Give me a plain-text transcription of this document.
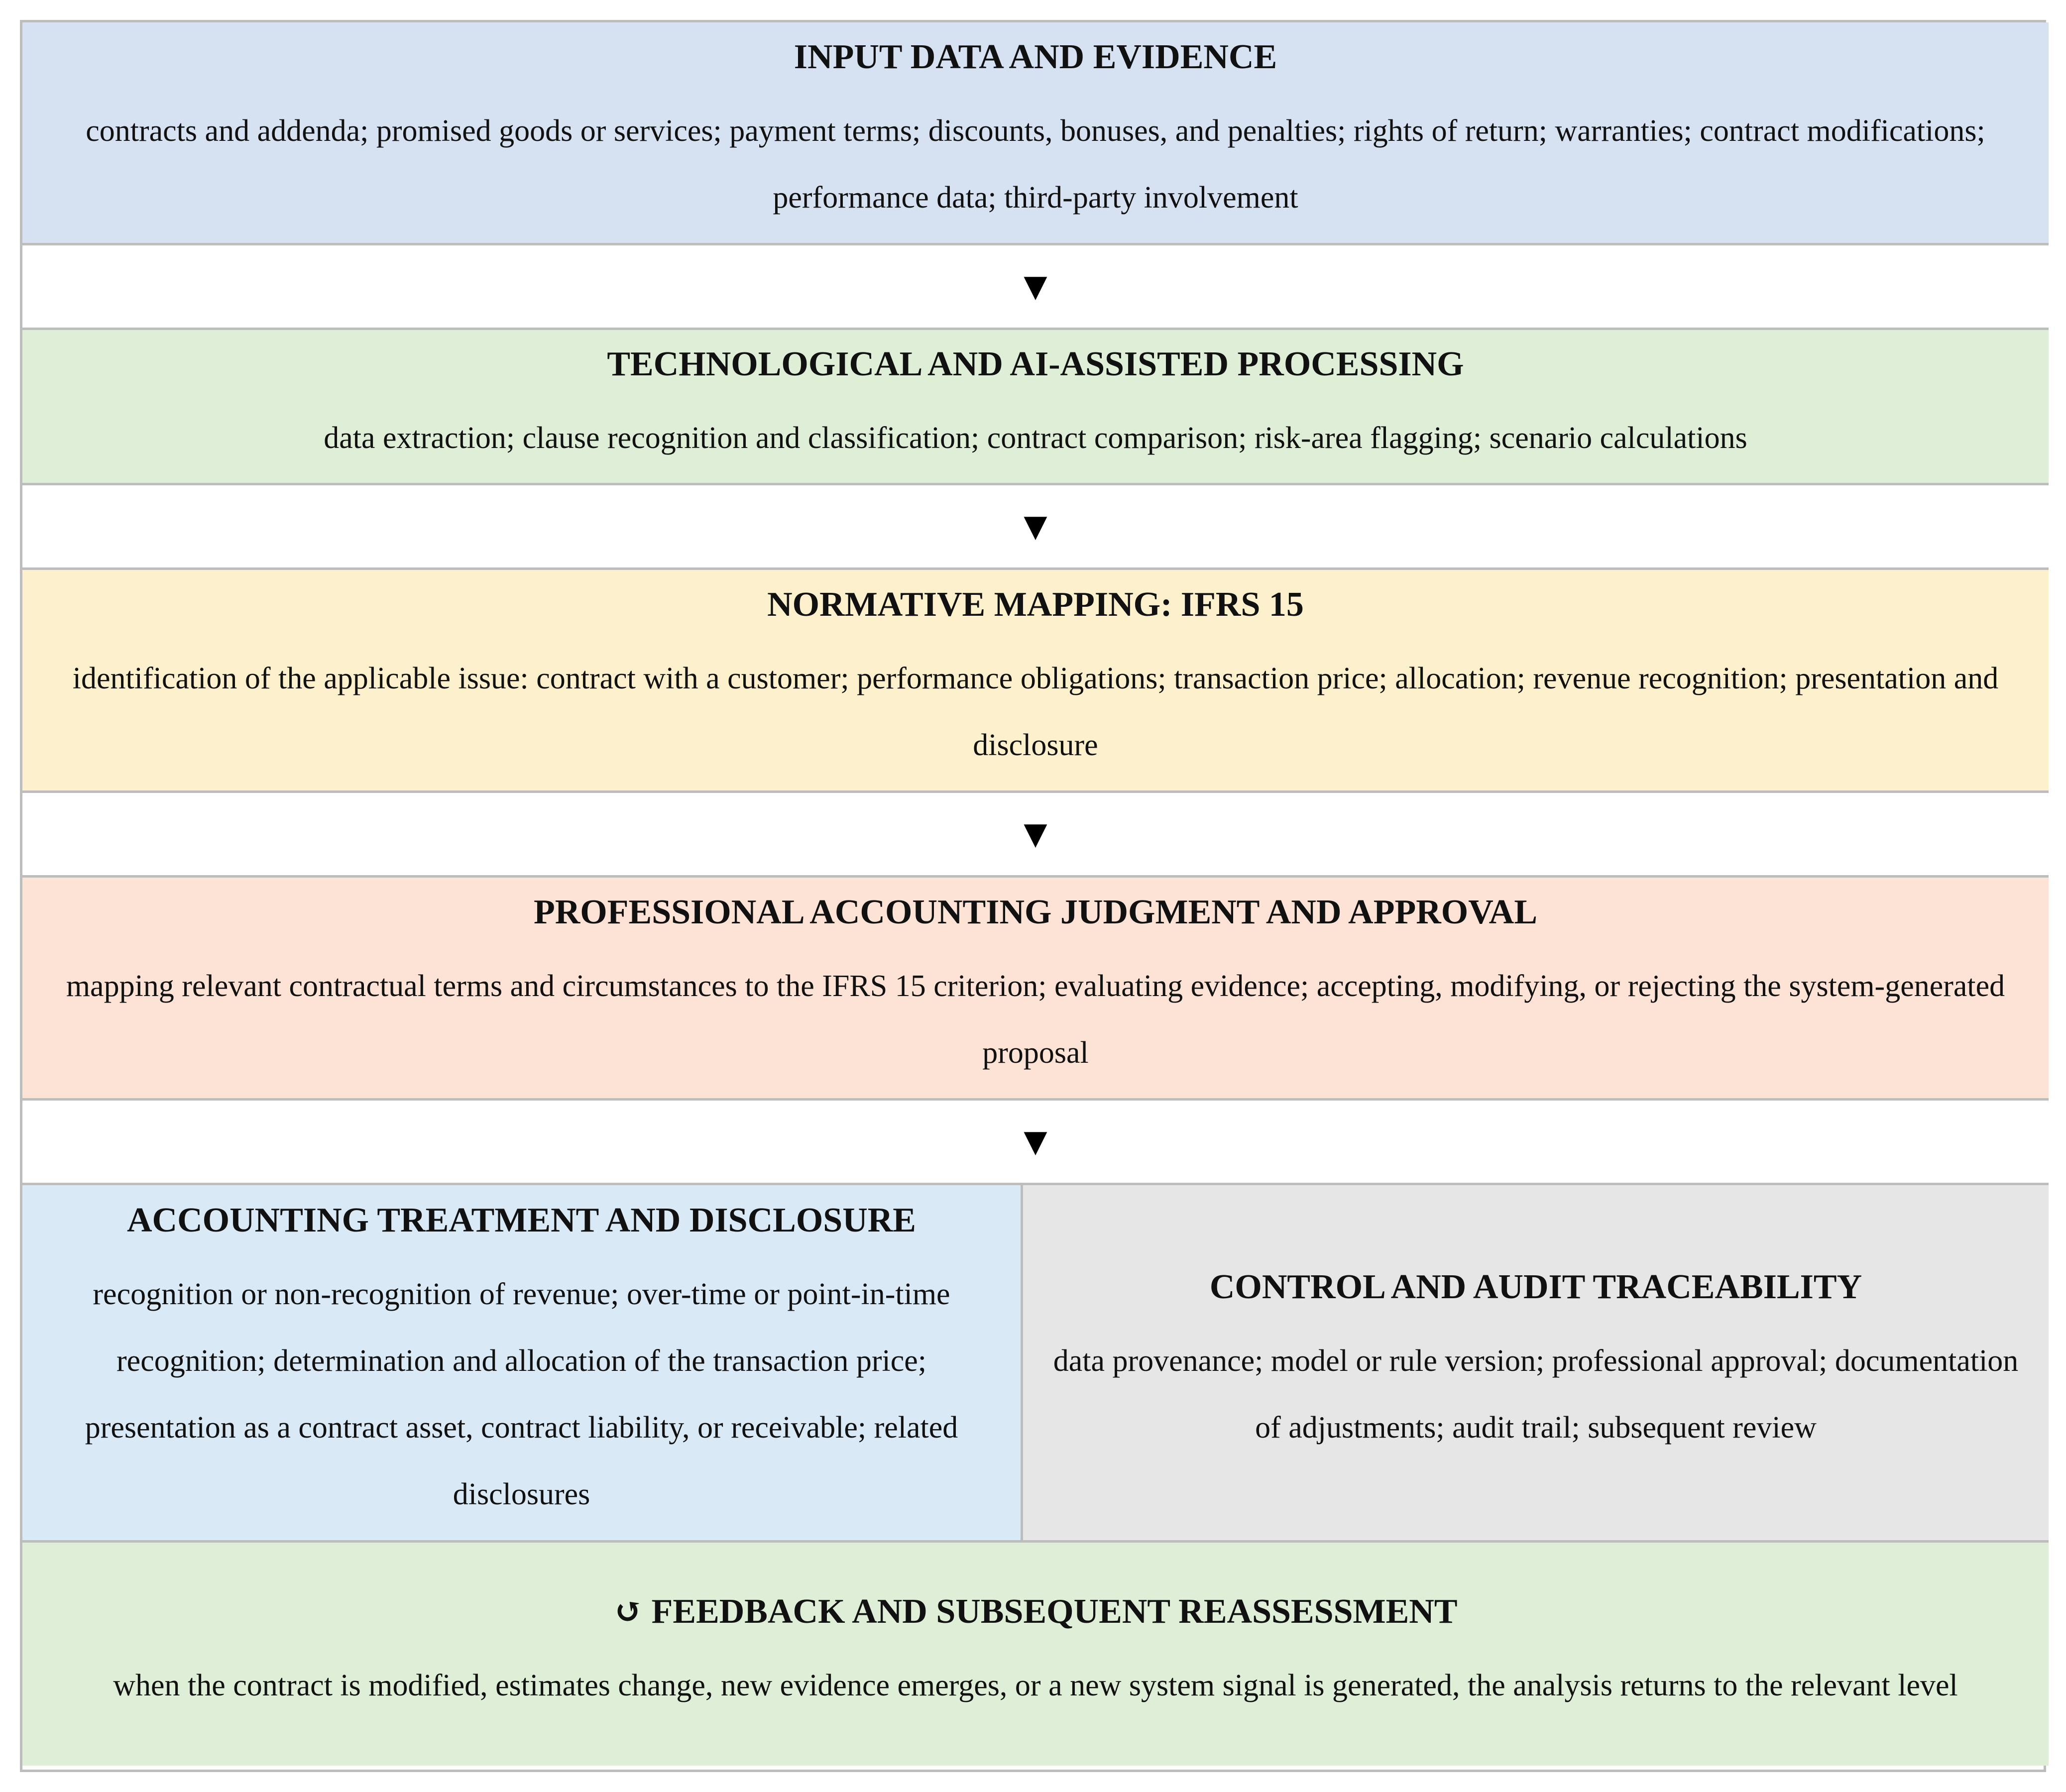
INPUT DATA AND EVIDENCE
contracts and addenda; promised goods or services; payment terms; discounts, bonuses, and penalties; rights of return; warranties; contract modifications; performance data; third-party involvement
▼
TECHNOLOGICAL AND AI-ASSISTED PROCESSING
data extraction; clause recognition and classification; contract comparison; risk-area flagging; scenario calculations
▼
NORMATIVE MAPPING: IFRS 15
identification of the applicable issue: contract with a customer; performance obligations; transaction price; allocation; revenue recognition; presentation and disclosure
▼
PROFESSIONAL ACCOUNTING JUDGMENT AND APPROVAL
mapping relevant contractual terms and circumstances to the IFRS 15 criterion; evaluating evidence; accepting, modifying, or rejecting the system-generated proposal
▼
ACCOUNTING TREATMENT AND DISCLOSURE
recognition or non-recognition of revenue; over-time or point-in-time recognition; determination and allocation of the transaction price; presentation as a contract asset, contract liability, or receivable; related disclosures
CONTROL AND AUDIT TRACEABILITY
data provenance; model or rule version; professional approval; documentation of adjustments; audit trail; subsequent review
↺ FEEDBACK AND SUBSEQUENT REASSESSMENT
when the contract is modified, estimates change, new evidence emerges, or a new system signal is generated, the analysis returns to the relevant level
